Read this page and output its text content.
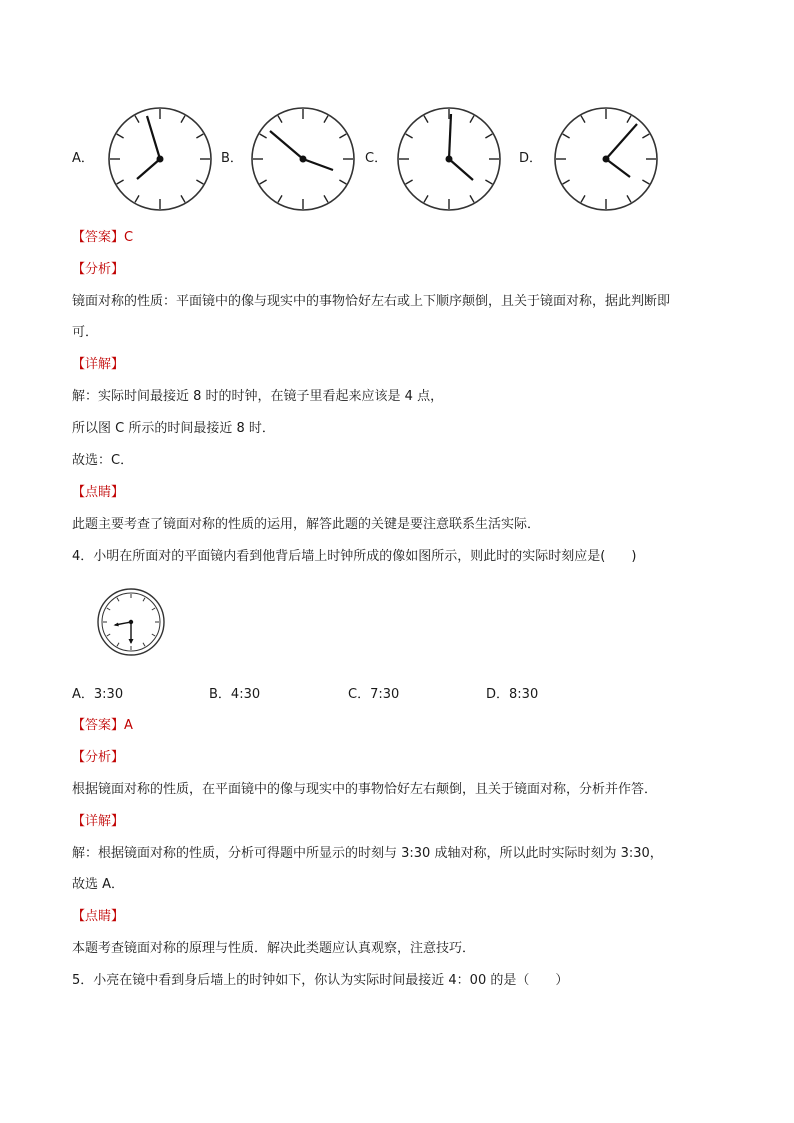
A．	B．	C．	D．
【答案】C
【分析】
镜面对称的性质：平面镜中的像与现实中的事物恰好左右或上下顺序颠倒，且关于镜面对称，据此判断即
可．
【详解】
解：实际时间最接近 8 时的时钟，在镜子里看起来应该是 4 点，
所以图 C 所示的时间最接近 8 时．
故选：C．
【点睛】
此题主要考查了镜面对称的性质的运用，解答此题的关键是要注意联系生活实际．
4．小明在所面对的平面镜内看到他背后墙上时钟所成的像如图所示，则此时的实际时刻应是(　　)
A．3:30	B．4:30	C．7:30	D．8:30
【答案】A
【分析】
根据镜面对称的性质，在平面镜中的像与现实中的事物恰好左右颠倒，且关于镜面对称，分析并作答．
【详解】
解：根据镜面对称的性质，分析可得题中所显示的时刻与 3:30 成轴对称，所以此时实际时刻为 3:30，
故选 A．
【点睛】
本题考查镜面对称的原理与性质．解决此类题应认真观察，注意技巧．
5．小亮在镜中看到身后墙上的时钟如下，你认为实际时间最接近 4：00 的是（　　）
